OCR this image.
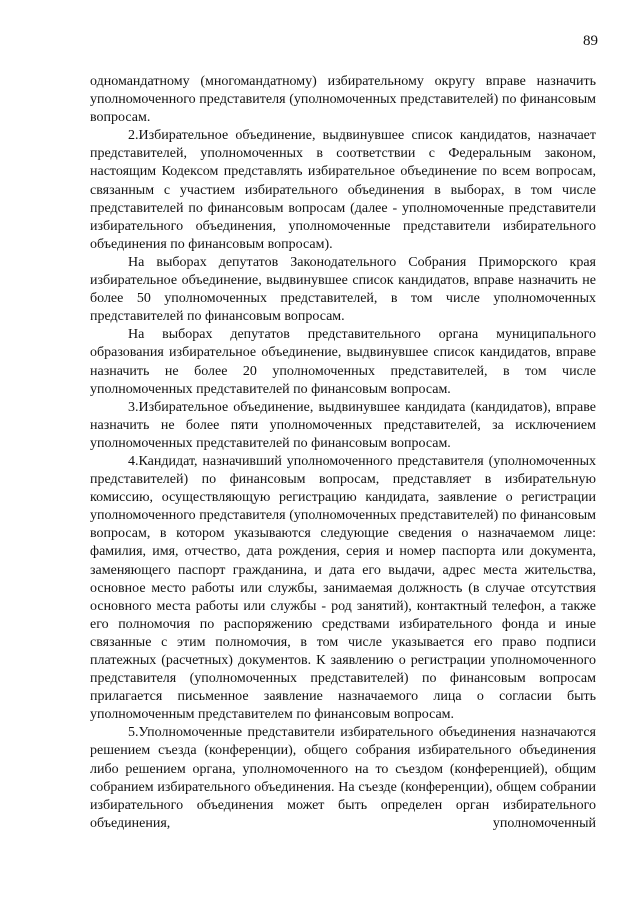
89

одномандатному (многомандатному) избирательному округу вправе назначить уполномоченного представителя (уполномоченных представителей) по финансовым вопросам.

2.Избирательное объединение, выдвинувшее список кандидатов, назначает представителей, уполномоченных в соответствии с Федеральным законом, настоящим Кодексом представлять избирательное объединение по всем вопросам, связанным с участием избирательного объединения в выборах, в том числе представителей по финансовым вопросам (далее - уполномоченные представители избирательного объединения, уполномоченные представители избирательного объединения по финансовым вопросам).

На выборах депутатов Законодательного Собрания Приморского края избирательное объединение, выдвинувшее список кандидатов, вправе назначить не более 50 уполномоченных представителей, в том числе уполномоченных представителей по финансовым вопросам.

На выборах депутатов представительного органа муниципального образования избирательное объединение, выдвинувшее список кандидатов, вправе назначить не более 20 уполномоченных представителей, в том числе уполномоченных представителей по финансовым вопросам.

3.Избирательное объединение, выдвинувшее кандидата (кандидатов), вправе назначить не более пяти уполномоченных представителей, за исключением уполномоченных представителей по финансовым вопросам.

4.Кандидат, назначивший уполномоченного представителя (уполномоченных представителей) по финансовым вопросам, представляет в избирательную комиссию, осуществляющую регистрацию кандидата, заявление о регистрации уполномоченного представителя (уполномоченных представителей) по финансовым вопросам, в котором указываются следующие сведения о назначаемом лице: фамилия, имя, отчество, дата рождения, серия и номер паспорта или документа, заменяющего паспорт гражданина, и дата его выдачи, адрес места жительства, основное место работы или службы, занимаемая должность (в случае отсутствия основного места работы или службы - род занятий), контактный телефон, а также его полномочия по распоряжению средствами избирательного фонда и иные связанные с этим полномочия, в том числе указывается его право подписи платежных (расчетных) документов. К заявлению о регистрации уполномоченного представителя (уполномоченных представителей) по финансовым вопросам прилагается письменное заявление назначаемого лица о согласии быть уполномоченным представителем по финансовым вопросам.

5.Уполномоченные представители избирательного объединения назначаются решением съезда (конференции), общего собрания избирательного объединения либо решением органа, уполномоченного на то съездом (конференцией), общим собранием избирательного объединения. На съезде (конференции), общем собрании избирательного объединения может быть определен орган избирательного объединения, уполномоченный
